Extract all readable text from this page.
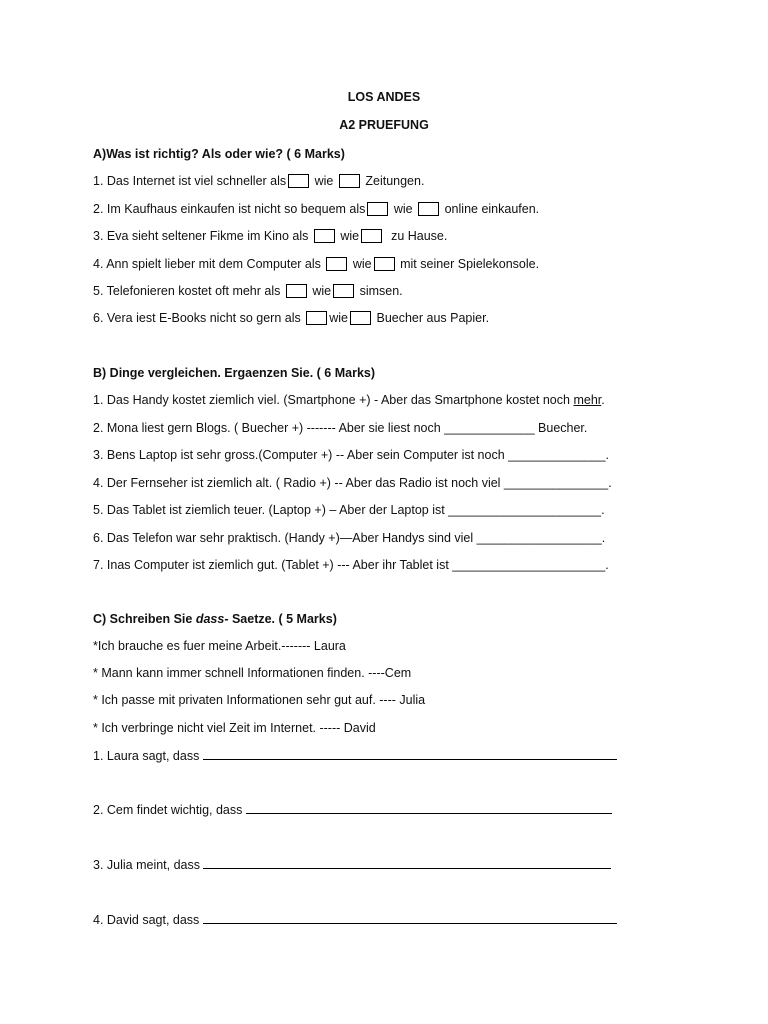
LOS ANDES
A2 PRUEFUNG
A)Was ist richtig? Als oder wie? ( 6 Marks)
1. Das Internet ist viel schneller als wie	Zeitungen.
2. Im Kaufhaus einkaufen ist nicht so bequem als wie	online einkaufen.
3. Eva sieht seltener Fikme im Kino als	wie	zu Hause.
4. Ann spielt lieber mit dem Computer als	wie mit seiner Spielekonsole.
5. Telefonieren kostet oft mehr als	wie simsen.
6. Vera iest E-Books nicht so gern als wie Buecher aus Papier.
B) Dinge vergleichen. Ergaenzen Sie. ( 6 Marks)
1. Das Handy kostet ziemlich viel. (Smartphone +) - Aber das Smartphone kostet noch mehr.
2. Mona liest gern Blogs. ( Buecher +) ------- Aber sie liest noch _____________ Buecher.
3. Bens Laptop ist sehr gross.(Computer +) -- Aber sein Computer ist noch ______________.
4. Der Fernseher ist ziemlich alt. ( Radio +) -- Aber das Radio ist noch viel _______________.
5. Das Tablet ist ziemlich teuer. (Laptop +) – Aber der Laptop ist ______________________.
6. Das Telefon war sehr praktisch. (Handy +)—Aber Handys sind viel __________________.
7. Inas Computer ist ziemlich gut. (Tablet +) --- Aber ihr Tablet ist ______________________.
C) Schreiben Sie dass- Saetze. ( 5 Marks)
*Ich brauche es fuer meine Arbeit.------- Laura
* Mann kann immer schnell Informationen finden. ----Cem
* Ich passe mit privaten Informationen sehr gut auf. ---- Julia
* Ich verbringe nicht viel Zeit im Internet. ----- David
1. Laura sagt, dass
2. Cem findet wichtig, dass
3. Julia meint, dass
4. David sagt, dass
